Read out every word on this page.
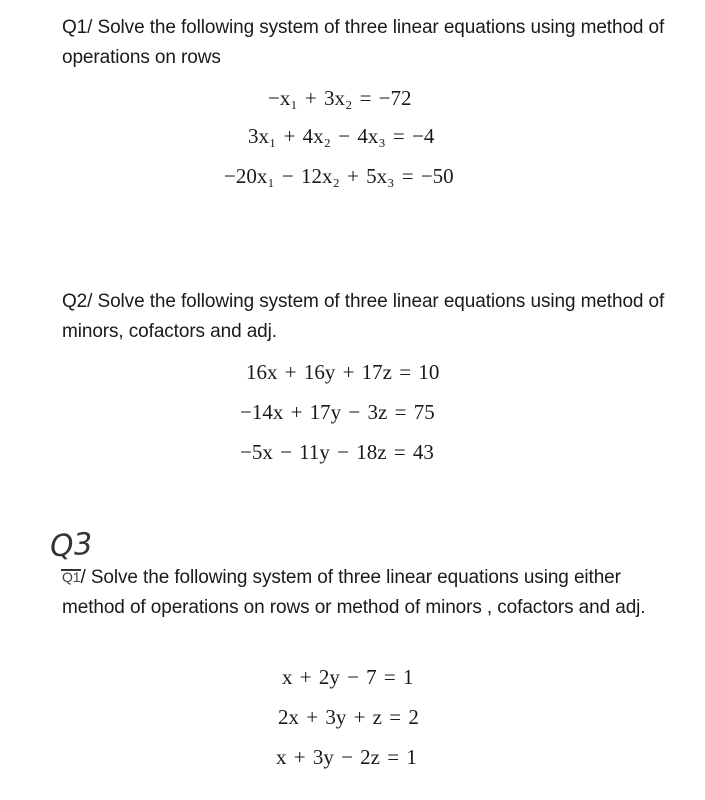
Q1/ Solve the following system of three linear equations using method of operations on rows
−x₁ + 3x₂ = −72
3x₁ + 4x₂ − 4x₃ = −4
−20x₁ − 12x₂ + 5x₃ = −50
Q2/ Solve the following system of three linear equations using method of minors, cofactors and adj.
16x + 16y + 17z = 10
−14x + 17y − 3z = 75
−5x − 11y − 18z = 43
Q3
Q1
/ Solve the following system of three linear equations using either method of operations on rows or method of minors , cofactors and adj.
x + 2y − 7 = 1
2x + 3y + z = 2
x + 3y − 2z = 1
